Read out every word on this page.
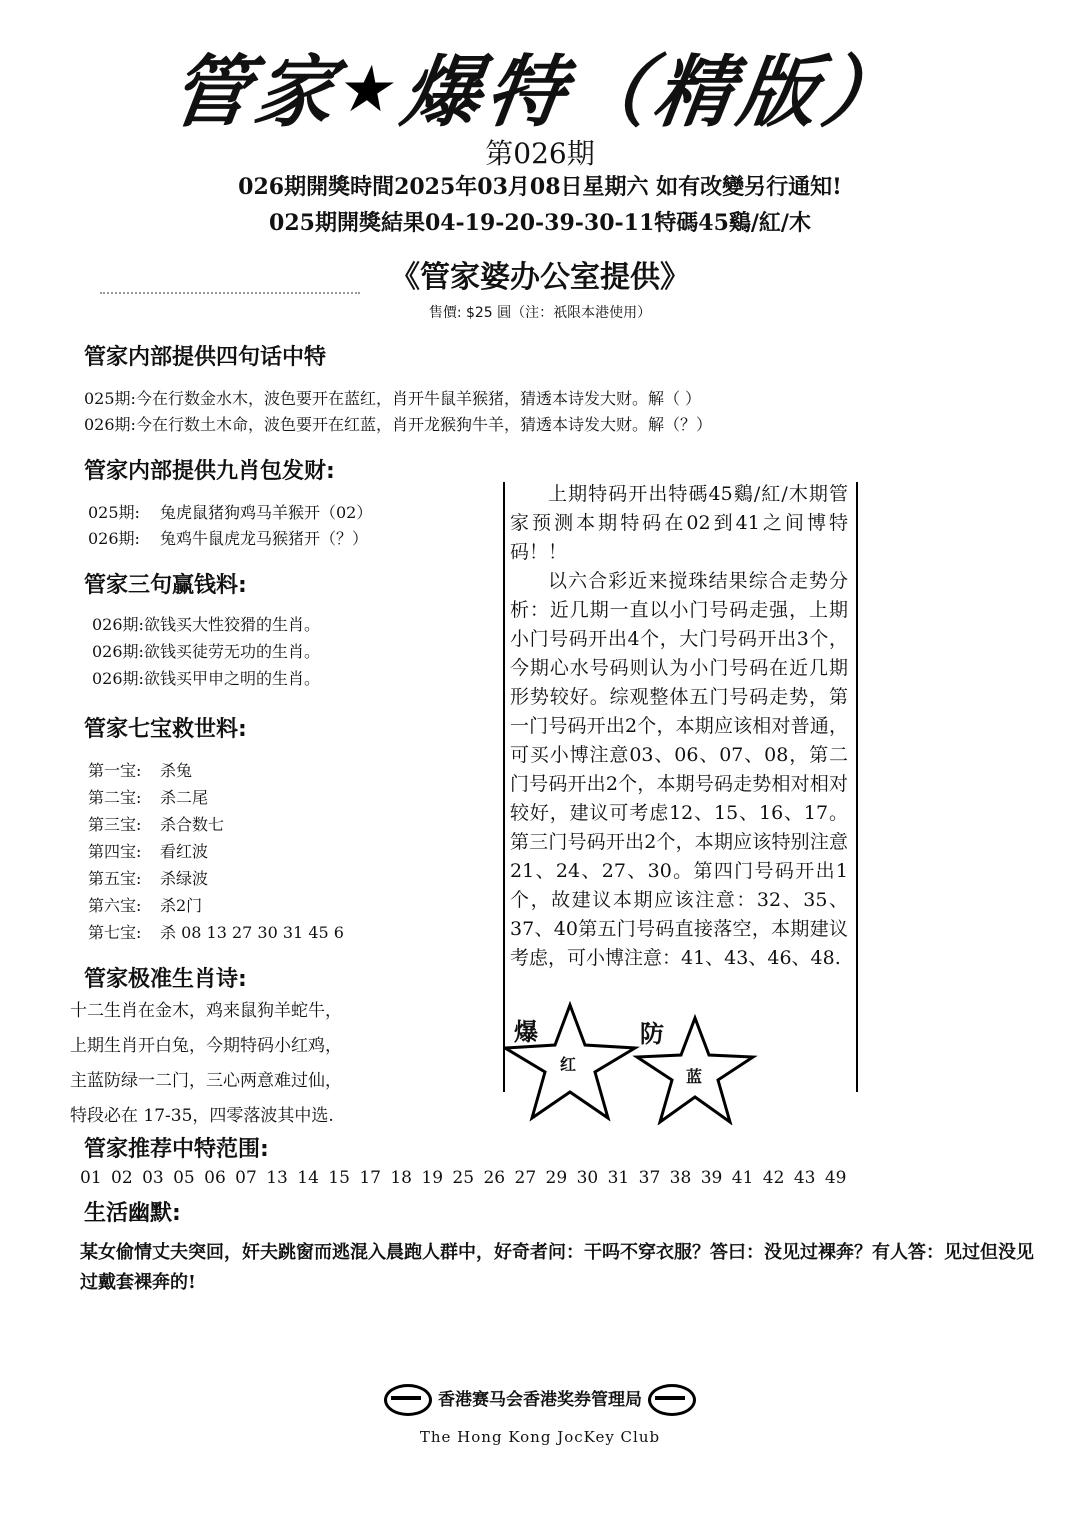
管家★爆特（精版）
第026期
026期開獎時間2025年03月08日星期六 如有改變另行通知!
025期開獎結果04-19-20-39-30-11特碼45鷄/紅/木
《管家婆办公室提供》
售價: $25 圓（注：祇限本港使用）
管家内部提供四句话中特
025期:今在行数金水木，波色要开在蓝红，肖开牛鼠羊猴猪，猜透本诗发大财。解（ ）
026期:今在行数土木命，波色要开在红蓝，肖开龙猴狗牛羊，猜透本诗发大财。解（？）
管家内部提供九肖包发财:
025期: 兔虎鼠猪狗鸡马羊猴开（02）
026期: 兔鸡牛鼠虎龙马猴猪开（？）
管家三句赢钱料:
026期:欲钱买大性狡猾的生肖。
026期:欲钱买徒劳无功的生肖。
026期:欲钱买甲申之明的生肖。
管家七宝救世料:
第一宝: 杀兔
第二宝: 杀二尾
第三宝: 杀合数七
第四宝: 看红波
第五宝: 杀绿波
第六宝: 杀2门
第七宝: 杀 08 13 27 30 31 45 6
管家极准生肖诗:
十二生肖在金木，鸡来鼠狗羊蛇牛，
上期生肖开白兔，今期特码小红鸡，
主蓝防绿一二门，三心两意难过仙，
特段必在 17-35，四零落波其中选.

上期特码开出特碼45鷄/紅/木期管家预测本期特码在02到41之间博特码！！

以六合彩近来搅珠结果综合走势分析：近几期一直以小门号码走强，上期小门号码开出4个，大门号码开出3个，今期心水号码则认为小门号码在近几期形势较好。综观整体五门号码走势，第一门号码开出2个，本期应该相对普通，可买小博注意03、06、07、08，第二门号码开出2个，本期号码走势相对相对较好，建议可考虑12、15、16、17。第三门号码开出2个，本期应该特别注意21、24、27、30。第四门号码开出1个，故建议本期应该注意：32、35、37、40第五门号码直接落空，本期建议考虑，可小博注意：41、43、46、48.

爆	防
红
蓝
管家推荐中特范围:
01 02 03 05 06 07 13 14 15 17 18 19 25 26 27 29 30 31 37 38 39 41 42 43 49
生活幽默:
某女偷情丈夫突回，奸夫跳窗而逃混入晨跑人群中，好奇者问：干吗不穿衣服？答曰：没见过裸奔？有人答：见过但没见过戴套裸奔的!
香港赛马会香港奖券管理局
The Hong Kong JocKey Club
